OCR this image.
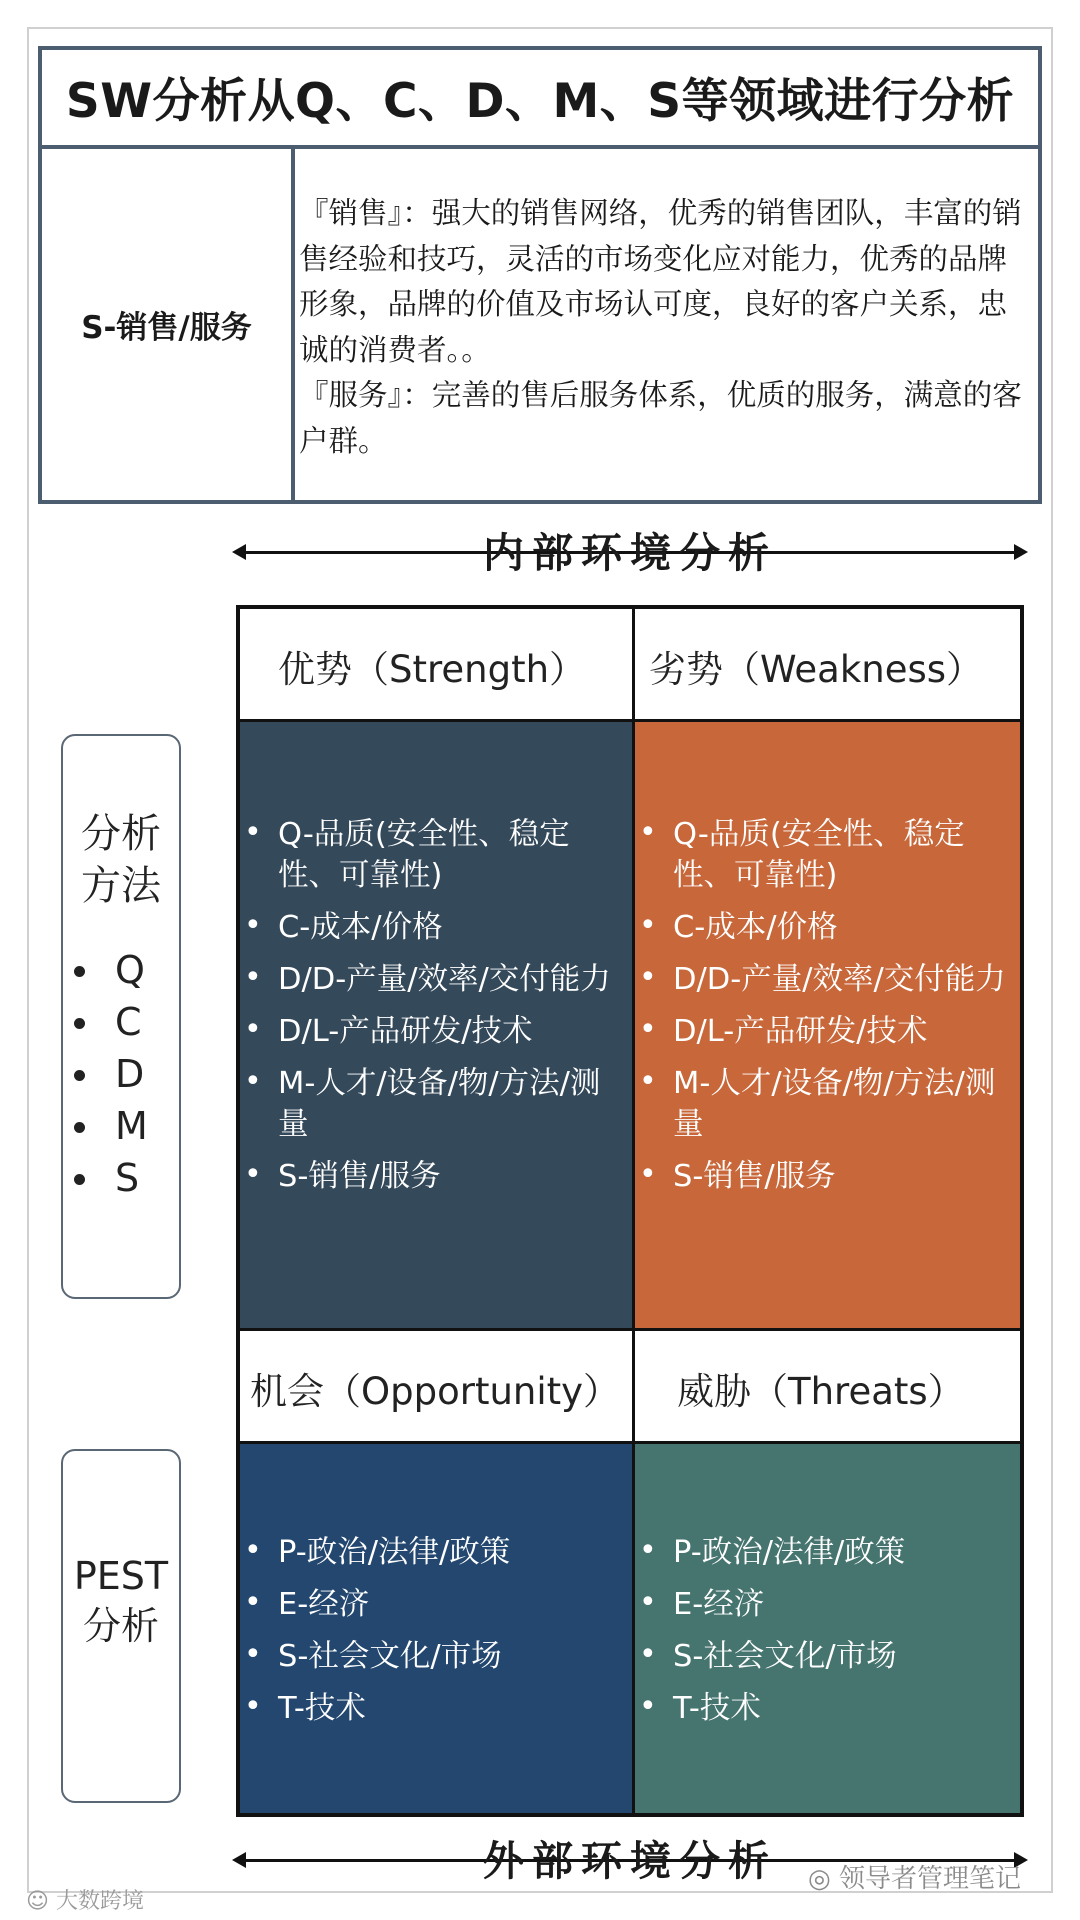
SW分析从Q、C、D、M、S等领域进行分析
S-销售/服务

『销售』：强大的销售网络，优秀的销售团队，丰富的销售经验和技巧，灵活的市场变化应对能力，优秀的品牌形象，品牌的价值及市场认可度，良好的客户关系，忠诚的消费者。。

『服务』：完善的售后服务体系，优质的服务，满意的客户群。

内部环境分析
优势（Strength）	劣势（Weakness）
• Q-品质(安全性、稳定性、可靠性)
• C-成本/价格
• D/D-产量/效率/交付能力
• D/L-产品研发/技术
• M-人才/设备/物/方法/测量
• S-销售/服务
• Q-品质(安全性、稳定性、可靠性)
• C-成本/价格
• D/D-产量/效率/交付能力
• D/L-产品研发/技术
• M-人才/设备/物/方法/测量
• S-销售/服务
机会（Opportunity）	威胁（Threats）
• P-政治/法律/政策
• E-经济
• S-社会文化/市场
• T-技术
• P-政治/法律/政策
• E-经济
• S-社会文化/市场
• T-技术
分析方法
Q
C
D
M
S
PEST分析
外部环境分析
☺ 大数跨境
◎ 领导者管理笔记
